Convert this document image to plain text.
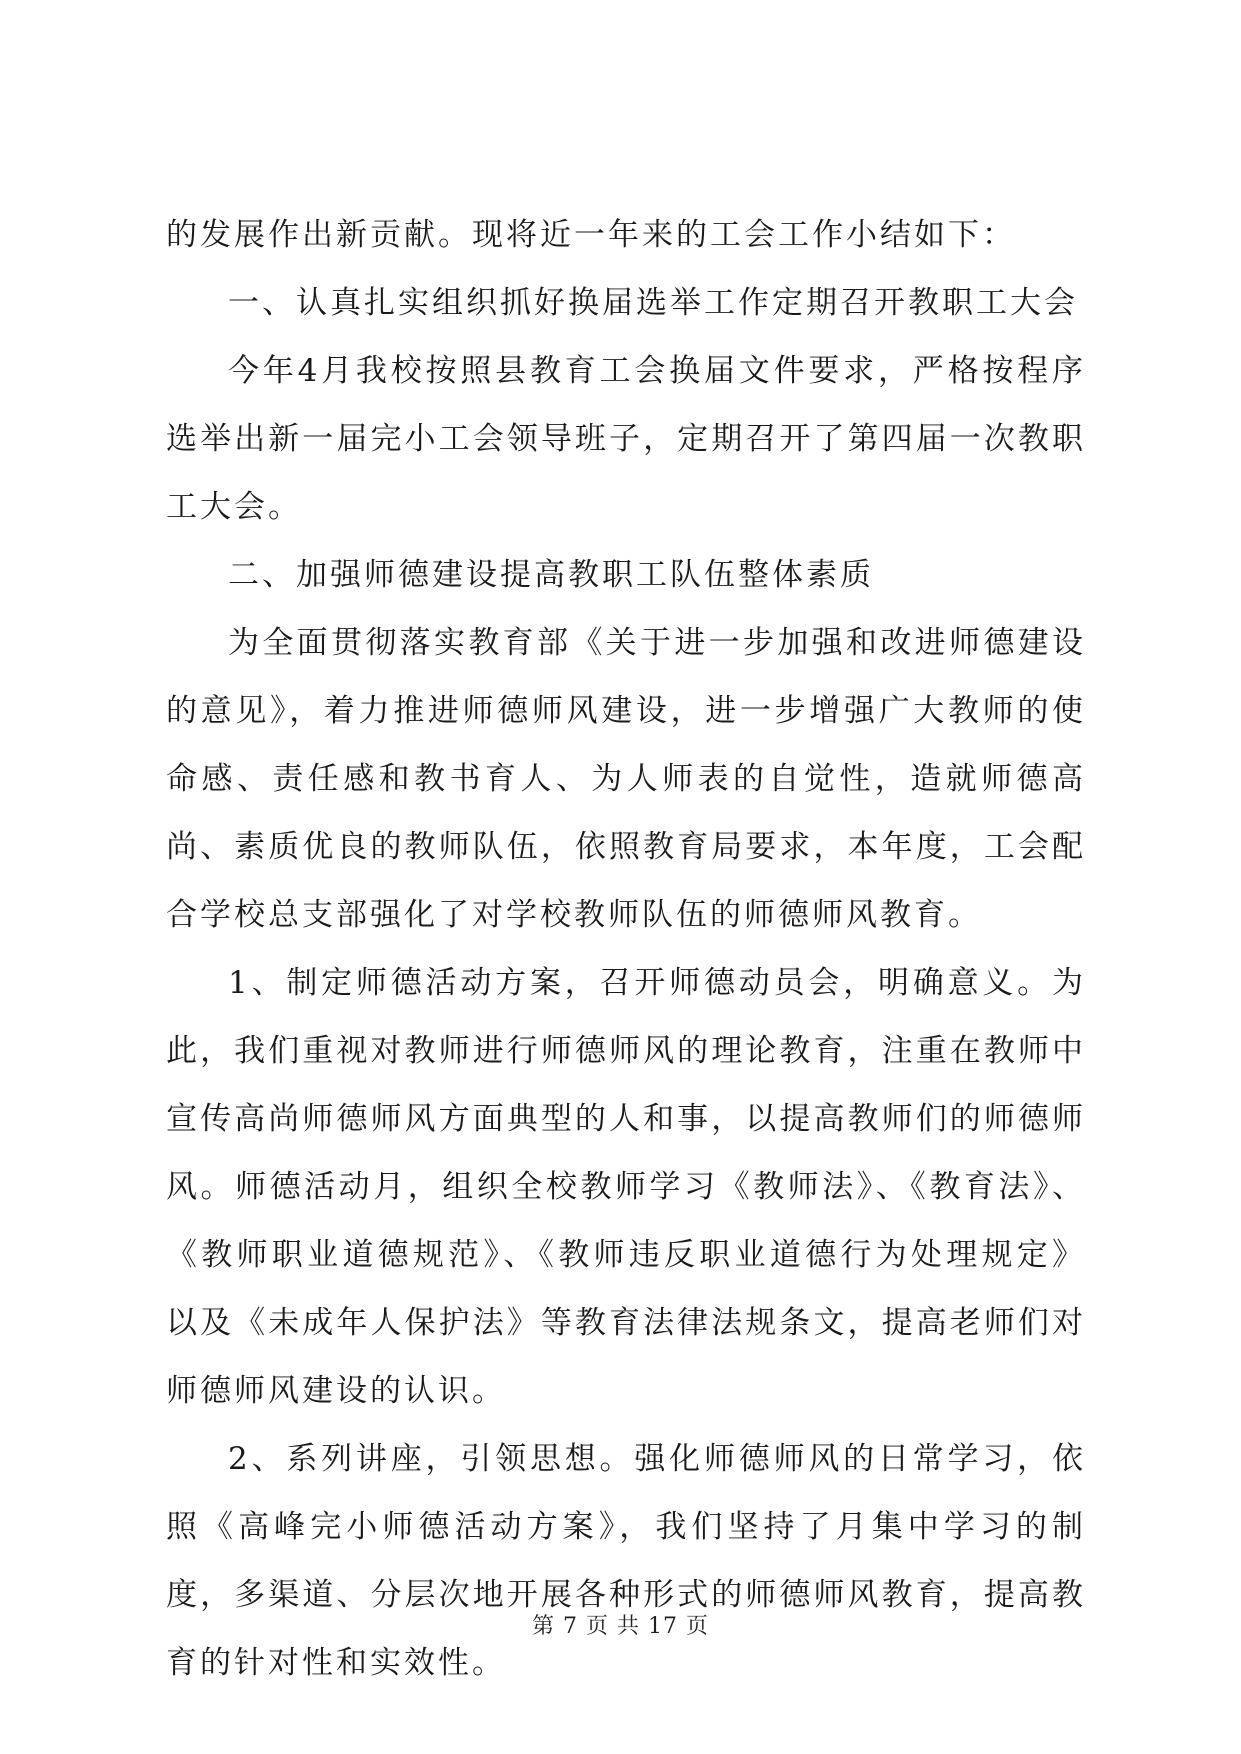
的发展作出新贡献。现将近一年来的工会工作小结如下：

一、认真扎实组织抓好换届选举工作定期召开教职工大会

今年4月我校按照县教育工会换届文件要求，严格按程序选举出新一届完小工会领导班子，定期召开了第四届一次教职工大会。

二、加强师德建设提高教职工队伍整体素质

为全面贯彻落实教育部《关于进一步加强和改进师德建设的意见》，着力推进师德师风建设，进一步增强广大教师的使命感、责任感和教书育人、为人师表的自觉性，造就师德高尚、素质优良的教师队伍，依照教育局要求，本年度，工会配合学校总支部强化了对学校教师队伍的师德师风教育。

1、制定师德活动方案，召开师德动员会，明确意义。为此，我们重视对教师进行师德师风的理论教育，注重在教师中宣传高尚师德师风方面典型的人和事，以提高教师们的师德师风。师德活动月，组织全校教师学习《教师法》、《教育法》、《教师职业道德规范》、《教师违反职业道德行为处理规定》以及《未成年人保护法》等教育法律法规条文，提高老师们对师德师风建设的认识。

2、系列讲座，引领思想。强化师德师风的日常学习，依照《高峰完小师德活动方案》，我们坚持了月集中学习的制度，多渠道、分层次地开展各种形式的师德师风教育，提高教育的针对性和实效性。

第 7 页 共 17 页
